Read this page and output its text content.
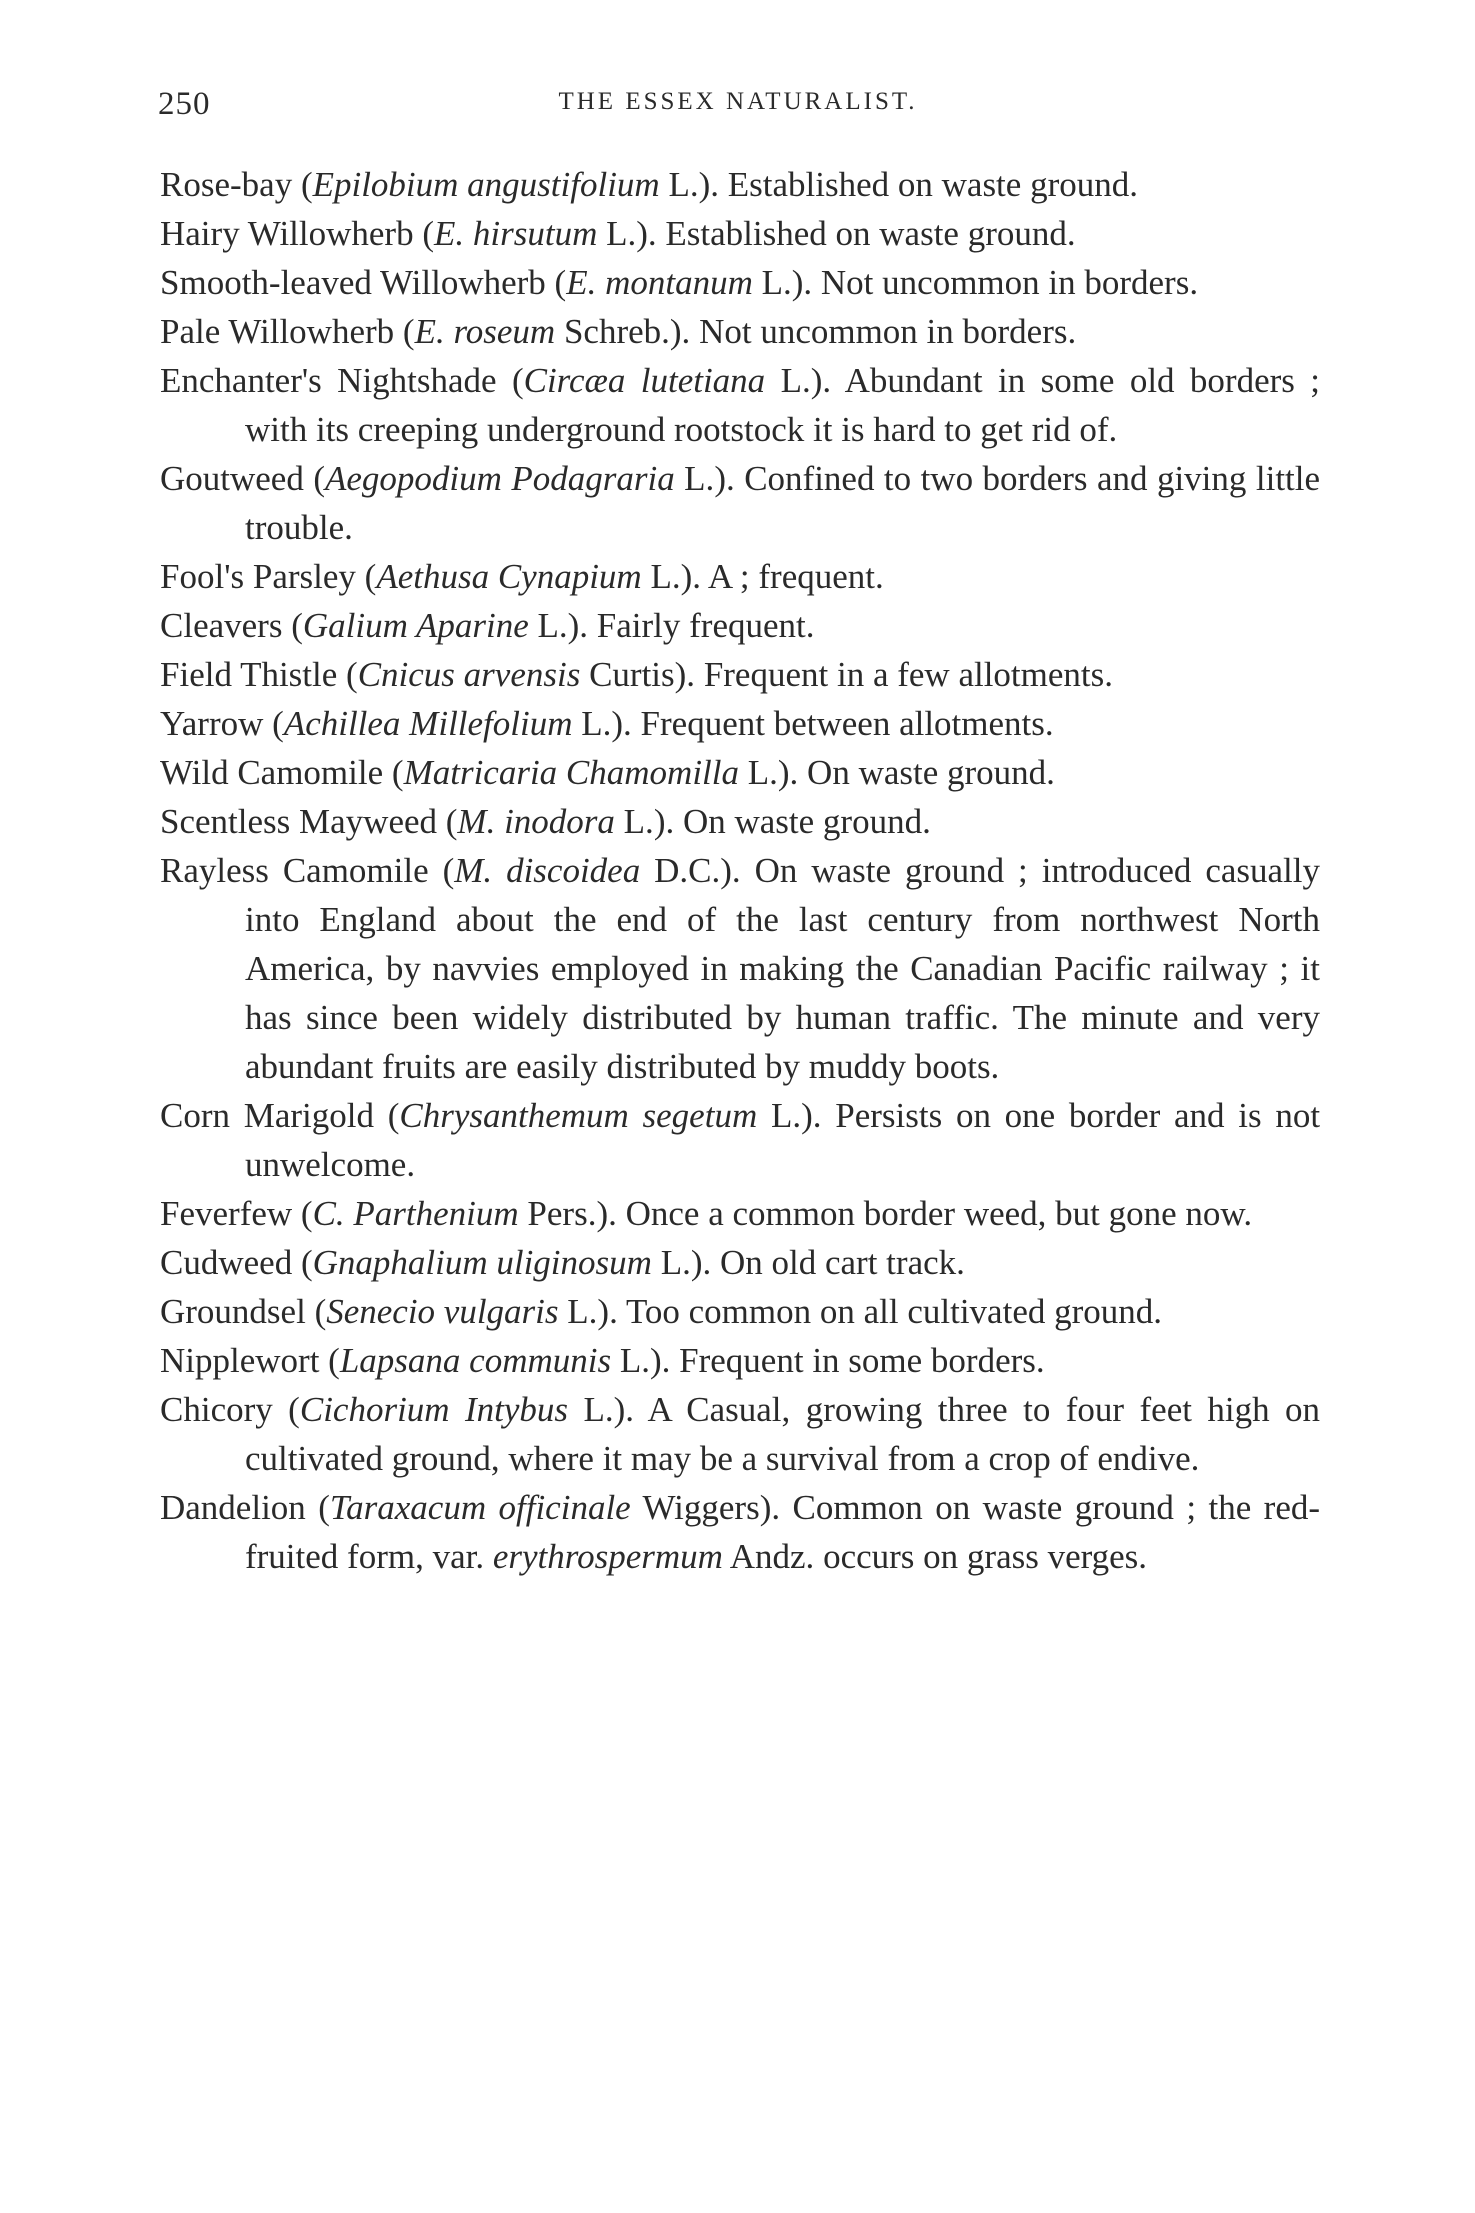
250	THE ESSEX NATURALIST.
Rose-bay (Epilobium angustifolium L.). Established on waste ground.
Hairy Willowherb (E. hirsutum L.). Established on waste ground.
Smooth-leaved Willowherb (E. montanum L.). Not uncommon in borders.
Pale Willowherb (E. roseum Schreb.). Not uncommon in borders.
Enchanter's Nightshade (Circæa lutetiana L.). Abundant in some old borders ; with its creeping underground rootstock it is hard to get rid of.
Goutweed (Aegopodium Podagraria L.). Confined to two borders and giving little trouble.
Fool's Parsley (Aethusa Cynapium L.). A ; frequent.
Cleavers (Galium Aparine L.). Fairly frequent.
Field Thistle (Cnicus arvensis Curtis). Frequent in a few allotments.
Yarrow (Achillea Millefolium L.). Frequent between allotments.
Wild Camomile (Matricaria Chamomilla L.). On waste ground.
Scentless Mayweed (M. inodora L.). On waste ground.
Rayless Camomile (M. discoidea D.C.). On waste ground ; introduced casually into England about the end of the last century from northwest North America, by navvies employed in making the Canadian Pacific railway ; it has since been widely distributed by human traffic. The minute and very abundant fruits are easily distributed by muddy boots.
Corn Marigold (Chrysanthemum segetum L.). Persists on one border and is not unwelcome.
Feverfew (C. Parthenium Pers.). Once a common border weed, but gone now.
Cudweed (Gnaphalium uliginosum L.). On old cart track.
Groundsel (Senecio vulgaris L.). Too common on all cultivated ground.
Nipplewort (Lapsana communis L.). Frequent in some borders.
Chicory (Cichorium Intybus L.). A Casual, growing three to four feet high on cultivated ground, where it may be a survival from a crop of endive.
Dandelion (Taraxacum officinale Wiggers). Common on waste ground ; the red-fruited form, var. erythrospermum Andz. occurs on grass verges.
